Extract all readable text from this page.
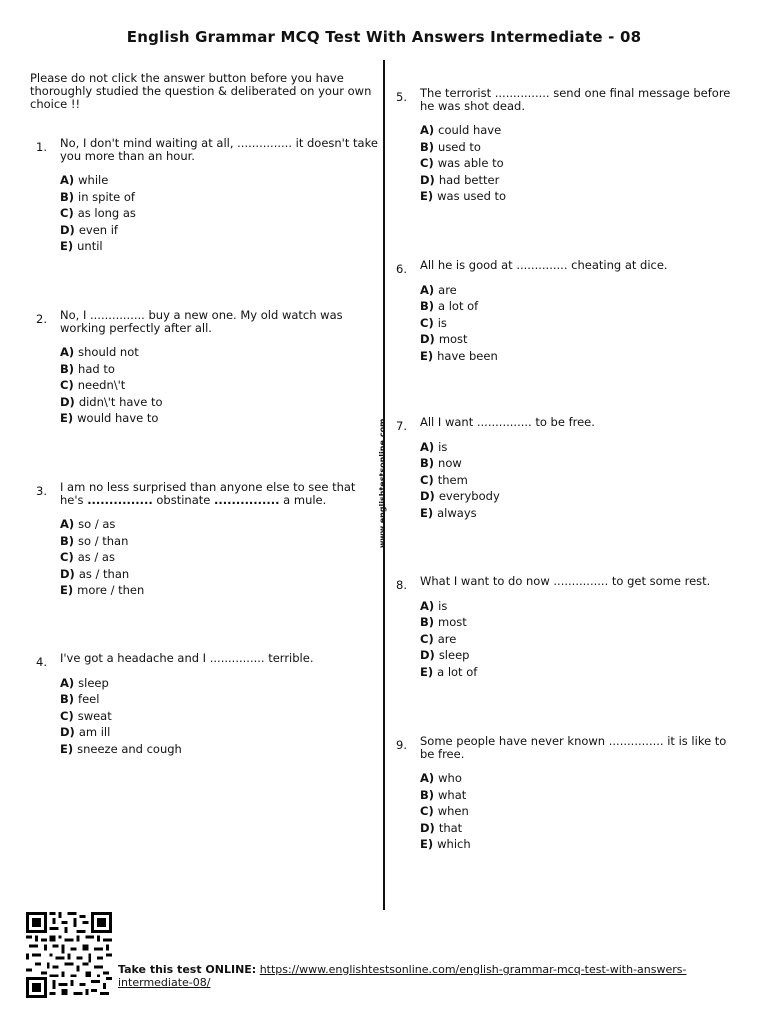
English Grammar MCQ Test With Answers Intermediate - 08
Please do not click the answer button before you have thoroughly studied the question & deliberated on your own choice !!
www.englishtestsonline.com
1. No, I don't mind waiting at all, ............... it doesn't take you more than an hour.
A) while
B) in spite of
C) as long as
D) even if
E) until
2. No, I ............... buy a new one. My old watch was working perfectly after all.
A) should not
B) had to
C) needn\'t
D) didn\'t have to
E) would have to
3. I am no less surprised than anyone else to see that he's ............... obstinate ............... a mule.
A) so / as
B) so / than
C) as / as
D) as / than
E) more / then
4. I've got a headache and I ............... terrible.
A) sleep
B) feel
C) sweat
D) am ill
E) sneeze and cough
5. The terrorist ............... send one final message before he was shot dead.
A) could have
B) used to
C) was able to
D) had better
E) was used to
6. All he is good at .............. cheating at dice.
A) are
B) a lot of
C) is
D) most
E) have been
7. All I want ............... to be free.
A) is
B) now
C) them
D) everybody
E) always
8. What I want to do now ............... to get some rest.
A) is
B) most
C) are
D) sleep
E) a lot of
9. Some people have never known ............... it is like to be free.
A) who
B) what
C) when
D) that
E) which
Take this test ONLINE: https://www.englishtestsonline.com/english-grammar-mcq-test-with-answers-intermediate-08/
